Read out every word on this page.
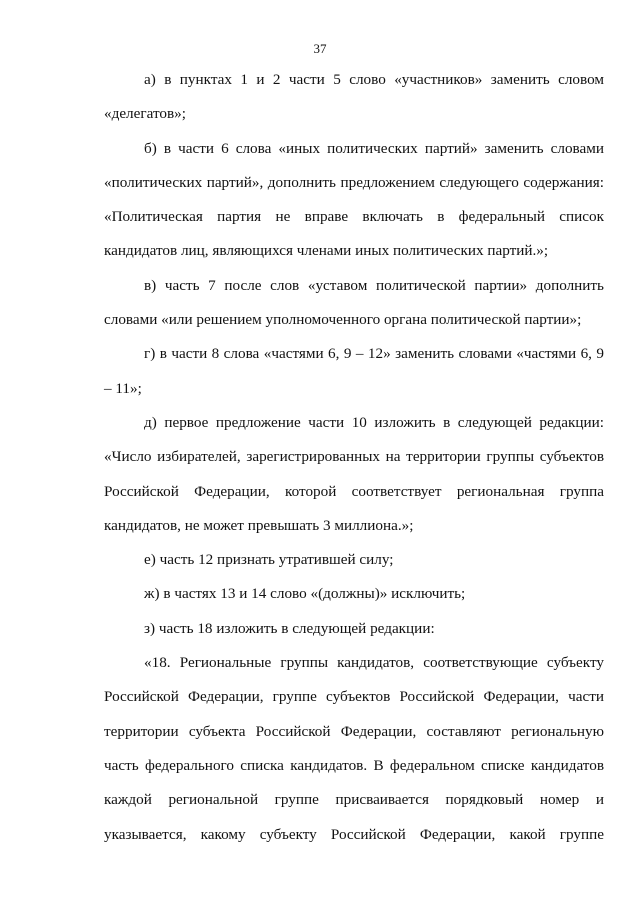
37

а) в пунктах 1 и 2 части 5 слово «участников» заменить словом «делегатов»;

б) в части 6 слова «иных политических партий» заменить словами «политических партий», дополнить предложением следующего содержания:

«Политическая партия не вправе включать в федеральный список кандидатов лиц, являющихся членами иных политических партий.»;

в) часть 7 после слов «уставом политической партии» дополнить словами «или решением уполномоченного органа политической партии»;

г) в части 8 слова «частями 6, 9 – 12» заменить словами «частями 6, 9 – 11»;

д) первое предложение части 10 изложить в следующей редакции:

«Число избирателей, зарегистрированных на территории группы субъектов Российской Федерации, которой соответствует региональная группа кандидатов, не может превышать 3 миллиона.»;

е) часть 12 признать утратившей силу;

ж) в частях 13 и 14 слово «(должны)» исключить;

з) часть 18 изложить в следующей редакции:

«18. Региональные группы кандидатов, соответствующие субъекту Российской Федерации, группе субъектов Российской Федерации, части территории субъекта Российской Федерации, составляют региональную часть федерального списка кандидатов. В федеральном списке кандидатов каждой региональной группе присваивается порядковый номер и указывается, какому субъекту Российской Федерации, какой группе
